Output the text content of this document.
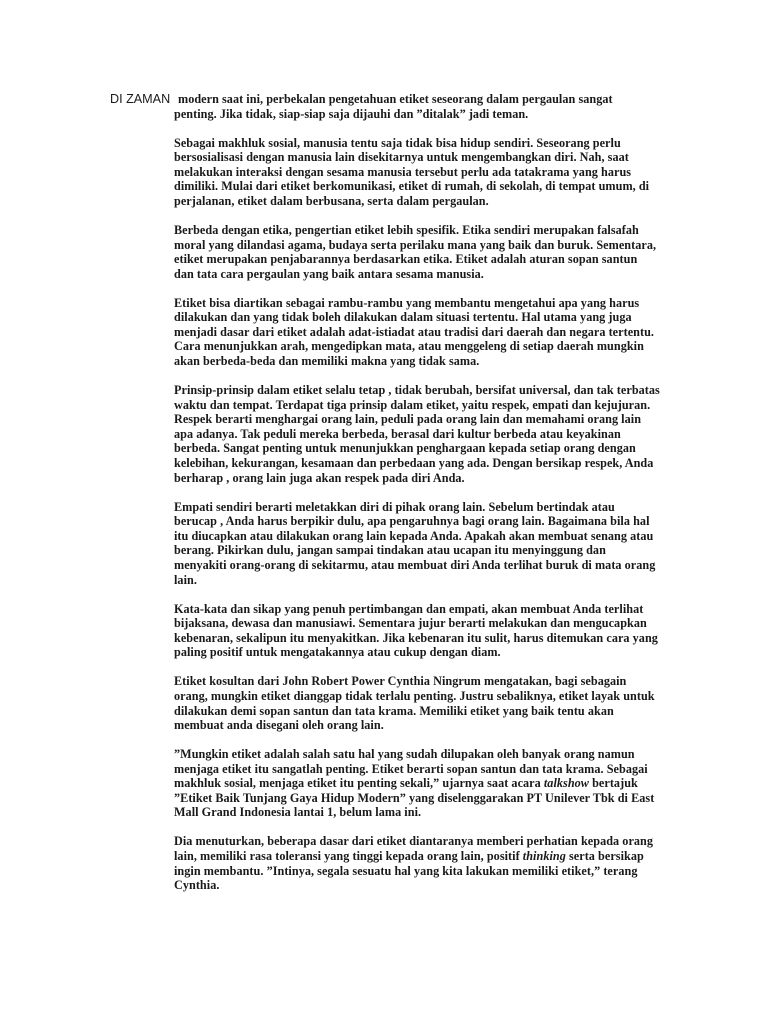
DI ZAMAN modern saat ini, perbekalan pengetahuan etiket seseorang dalam pergaulan sangat
penting. Jika tidak, siap-siap saja dijauhi dan ”ditalak” jadi teman.

Sebagai makhluk sosial, manusia tentu saja tidak bisa hidup sendiri. Seseorang perlu bersosialisasi dengan manusia lain disekitarnya untuk mengembangkan diri. Nah, saat melakukan interaksi dengan sesama manusia tersebut perlu ada tatakrama yang harus dimiliki. Mulai dari etiket berkomunikasi, etiket di rumah, di sekolah, di tempat umum, di perjalanan, etiket dalam berbusana, serta dalam pergaulan.

Berbeda dengan etika, pengertian etiket lebih spesifik. Etika sendiri merupakan falsafah moral yang dilandasi agama, budaya serta perilaku mana yang baik dan buruk. Sementara, etiket merupakan penjabarannya berdasarkan etika. Etiket adalah aturan sopan santun dan tata cara pergaulan yang baik antara sesama manusia.

Etiket bisa diartikan sebagai rambu-rambu yang membantu mengetahui apa yang harus dilakukan dan yang tidak boleh dilakukan dalam situasi tertentu. Hal utama yang juga menjadi dasar dari etiket adalah adat-istiadat atau tradisi dari daerah dan negara tertentu. Cara menunjukkan arah, mengedipkan mata, atau menggeleng di setiap daerah mungkin akan berbeda-beda dan memiliki makna yang tidak sama.

Prinsip-prinsip dalam etiket selalu tetap , tidak berubah, bersifat universal, dan tak terbatas waktu dan tempat. Terdapat tiga prinsip dalam etiket, yaitu respek, empati dan kejujuran. Respek berarti menghargai orang lain, peduli pada orang lain dan memahami orang lain apa adanya. Tak peduli mereka berbeda, berasal dari kultur berbeda atau keyakinan berbeda. Sangat penting untuk menunjukkan penghargaan kepada setiap orang dengan kelebihan, kekurangan, kesamaan dan perbedaan yang ada. Dengan bersikap respek, Anda berharap , orang lain juga akan respek pada diri Anda.

Empati sendiri berarti meletakkan diri di pihak orang lain. Sebelum bertindak atau berucap , Anda harus berpikir dulu, apa pengaruhnya bagi orang lain. Bagaimana bila hal itu diucapkan atau dilakukan orang lain kepada Anda. Apakah akan membuat senang atau berang. Pikirkan dulu, jangan sampai tindakan atau ucapan itu menyinggung dan menyakiti orang-orang di sekitarmu, atau membuat diri Anda terlihat buruk di mata orang lain.

Kata-kata dan sikap yang penuh pertimbangan dan empati, akan membuat Anda terlihat bijaksana, dewasa dan manusiawi. Sementara jujur berarti melakukan dan mengucapkan kebenaran, sekalipun itu menyakitkan. Jika kebenaran itu sulit, harus ditemukan cara yang paling positif untuk mengatakannya atau cukup dengan diam.

Etiket kosultan dari John Robert Power Cynthia Ningrum mengatakan, bagi sebagain orang, mungkin etiket dianggap tidak terlalu penting. Justru sebaliknya, etiket layak untuk dilakukan demi sopan santun dan tata krama. Memiliki etiket yang baik tentu akan membuat anda disegani oleh orang lain.

”Mungkin etiket adalah salah satu hal yang sudah dilupakan oleh banyak orang namun menjaga etiket itu sangatlah penting. Etiket berarti sopan santun dan tata krama. Sebagai makhluk sosial, menjaga etiket itu penting sekali,” ujarnya saat acara talkshow bertajuk ”Etiket Baik Tunjang Gaya Hidup Modern” yang diselenggarakan PT Unilever Tbk di East Mall Grand Indonesia lantai 1, belum lama ini.

Dia menuturkan, beberapa dasar dari etiket diantaranya memberi perhatian kepada orang lain, memiliki rasa toleransi yang tinggi kepada orang lain, positif thinking serta bersikap ingin membantu. ”Intinya, segala sesuatu hal yang kita lakukan memiliki etiket,” terang Cynthia.
